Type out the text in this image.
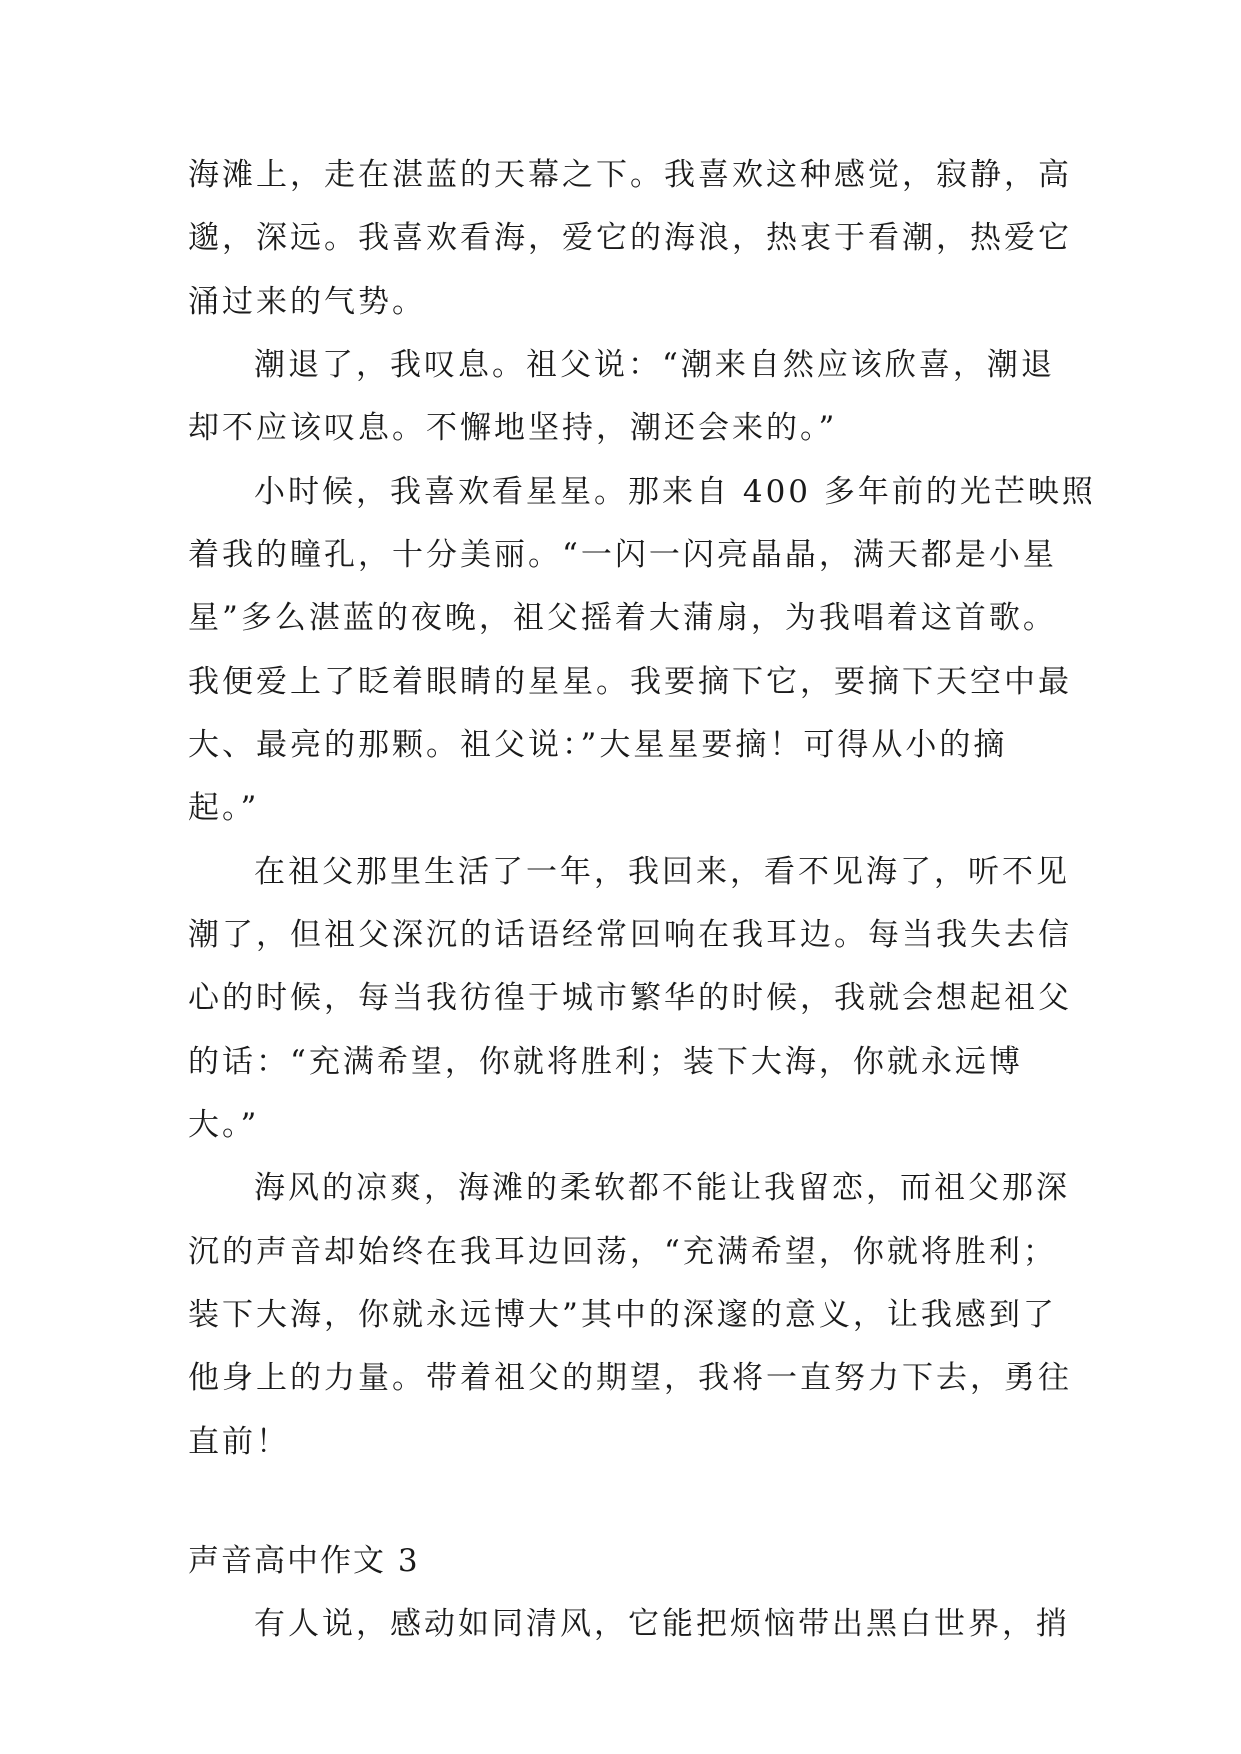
海滩上，走在湛蓝的天幕之下。我喜欢这种感觉，寂静，高
邈，深远。我喜欢看海，爱它的海浪，热衷于看潮，热爱它
涌过来的气势。
潮退了，我叹息。祖父说：“潮来自然应该欣喜，潮退
却不应该叹息。不懈地坚持，潮还会来的。”
小时候，我喜欢看星星。那来自 400 多年前的光芒映照
着我的瞳孔，十分美丽。“一闪一闪亮晶晶，满天都是小星
星”多么湛蓝的夜晚，祖父摇着大蒲扇，为我唱着这首歌。
我便爱上了眨着眼睛的星星。我要摘下它，要摘下天空中最
大、最亮的那颗。祖父说：”大星星要摘！可得从小的摘
起。”
在祖父那里生活了一年，我回来，看不见海了，听不见
潮了，但祖父深沉的话语经常回响在我耳边。每当我失去信
心的时候，每当我彷徨于城市繁华的时候，我就会想起祖父
的话：“充满希望，你就将胜利；装下大海，你就永远博
大。”
海风的凉爽，海滩的柔软都不能让我留恋，而祖父那深
沉的声音却始终在我耳边回荡，“充满希望，你就将胜利；
装下大海，你就永远博大”其中的深邃的意义，让我感到了
他身上的力量。带着祖父的期望，我将一直努力下去，勇往
直前！
声音高中作文 3
有人说，感动如同清风，它能把烦恼带出黑白世界，捎
